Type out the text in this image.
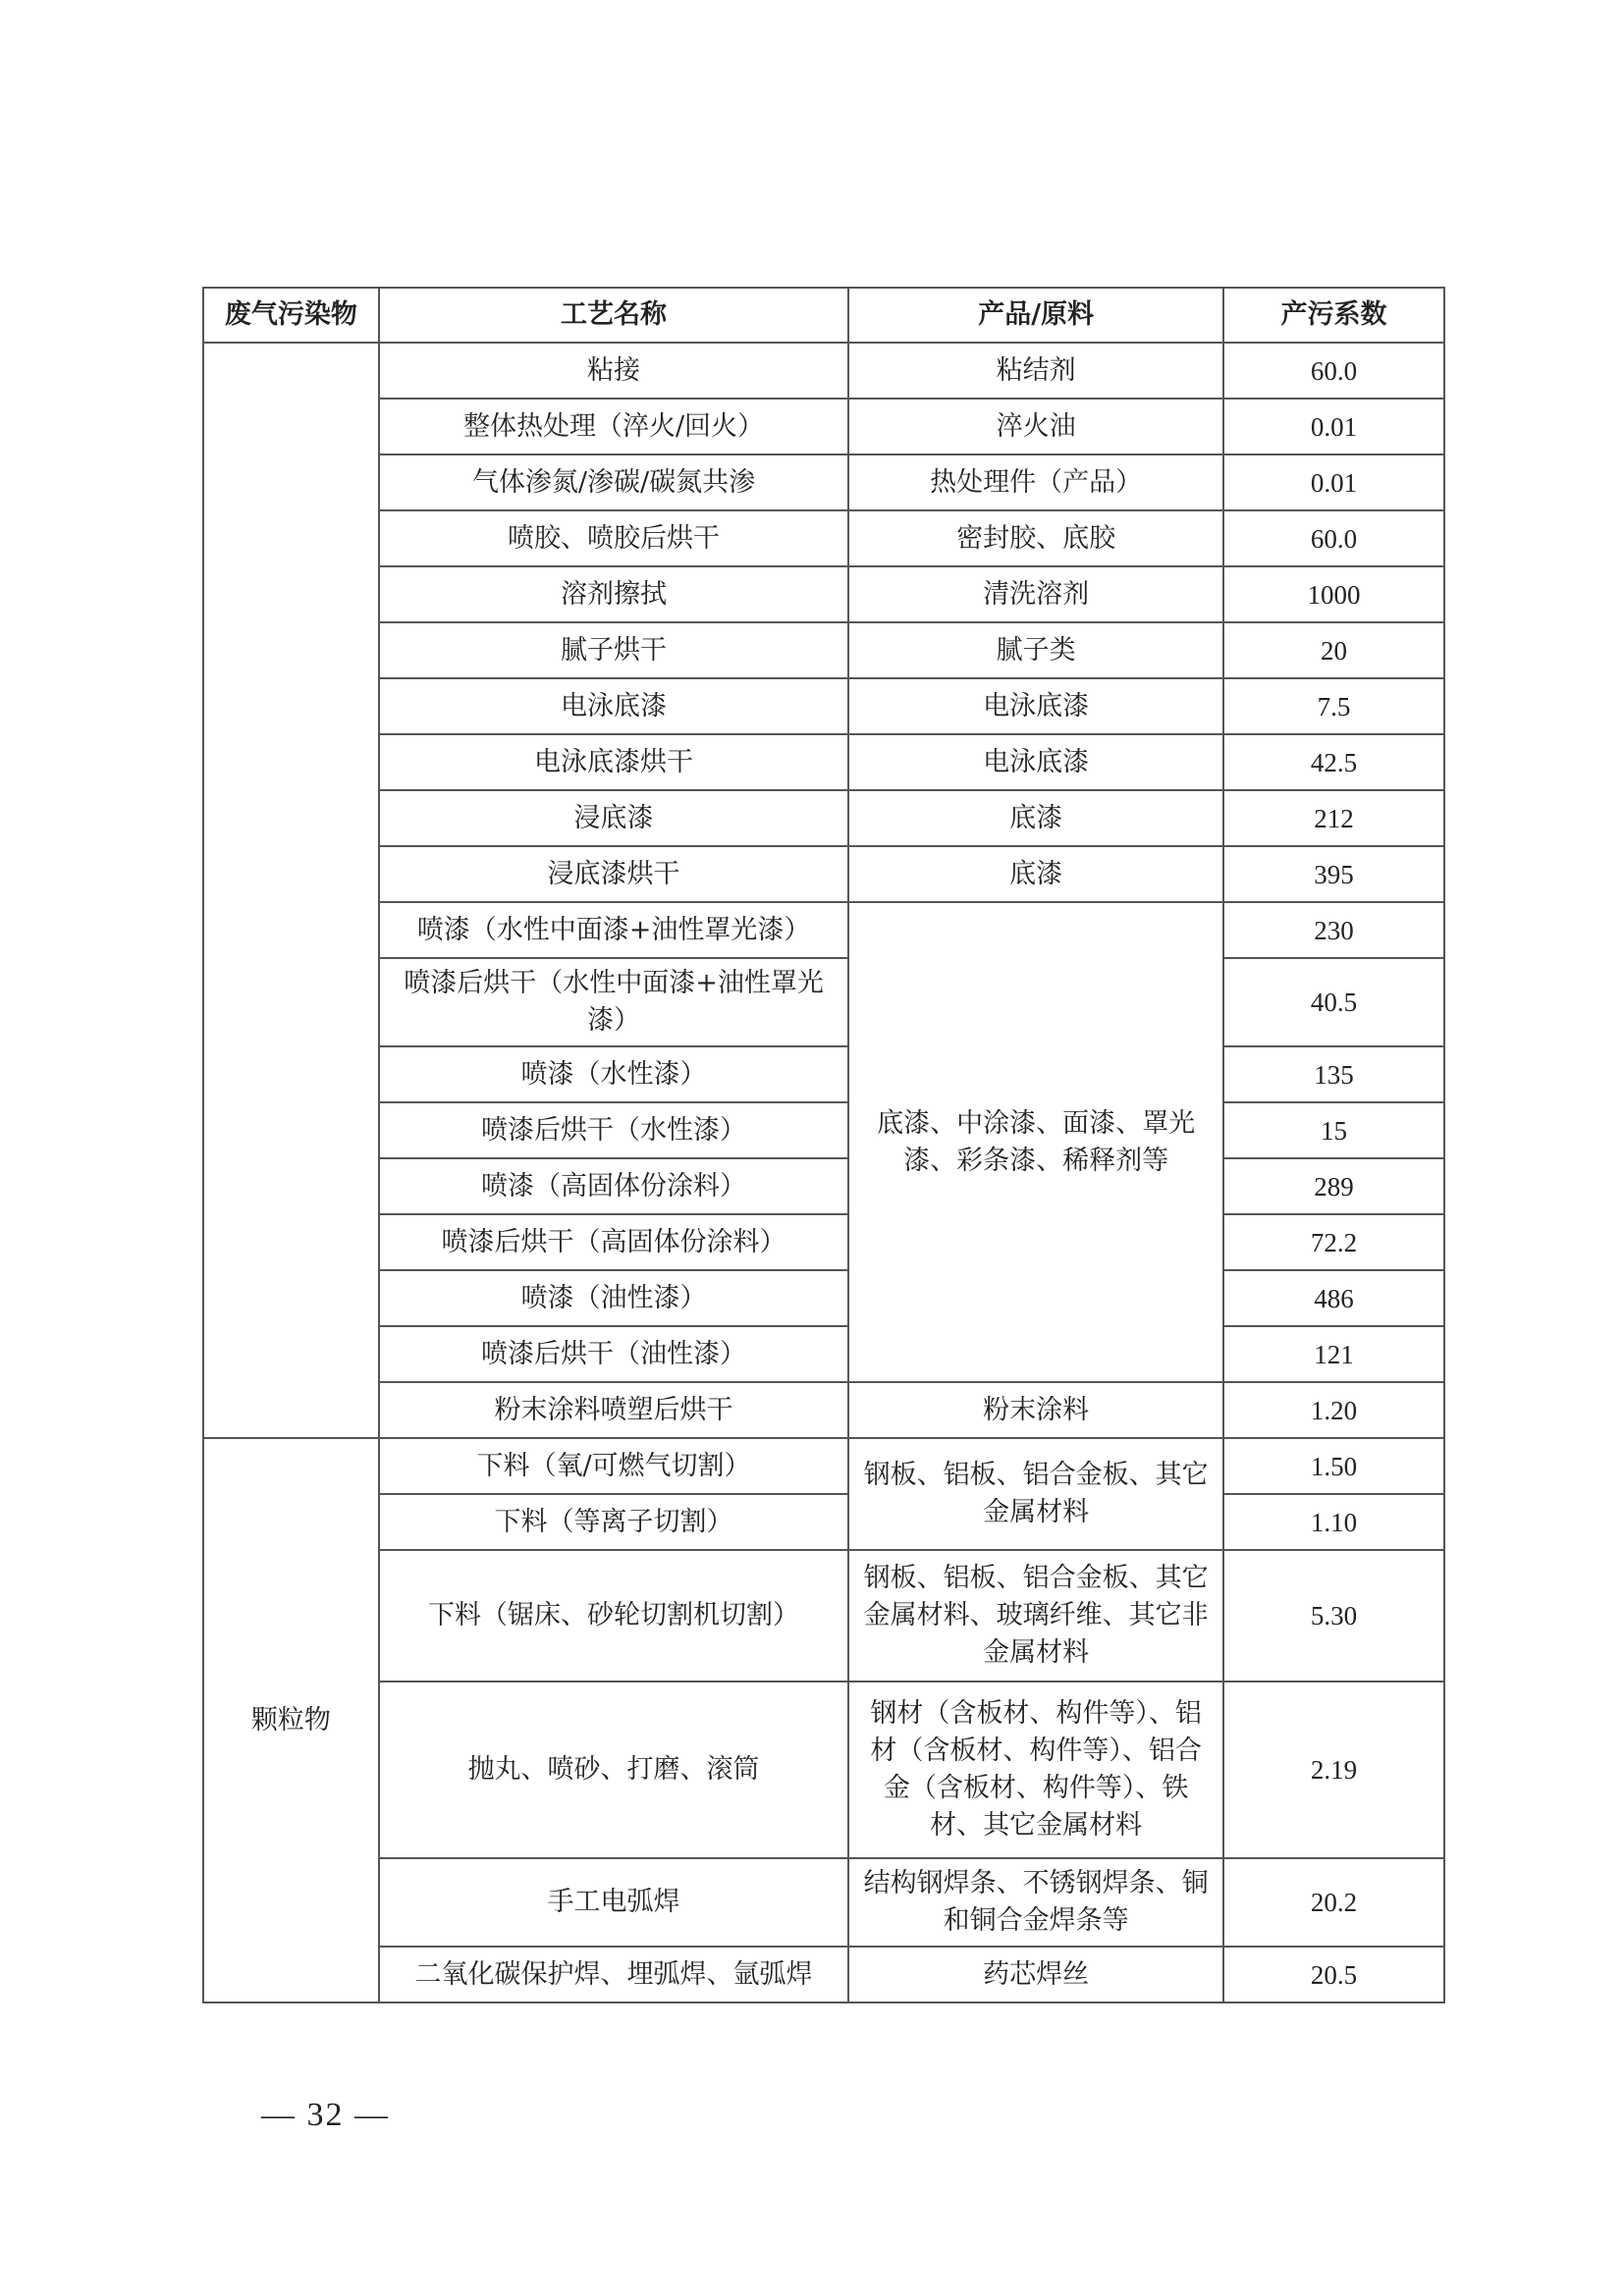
废气污染物	工艺名称	产品/原料	产污系数
	粘接	粘结剂	60.0
	整体热处理（淬火/回火）	淬火油	0.01
	气体渗氮/渗碳/碳氮共渗	热处理件（产品）	0.01
	喷胶、喷胶后烘干	密封胶、底胶	60.0
	溶剂擦拭	清洗溶剂	1000
	腻子烘干	腻子类	20
	电泳底漆	电泳底漆	7.5
	电泳底漆烘干	电泳底漆	42.5
	浸底漆	底漆	212
	浸底漆烘干	底漆	395
	喷漆（水性中面漆+油性罩光漆）	底漆、中涂漆、面漆、罩光漆、彩条漆、稀释剂等	230
	喷漆后烘干（水性中面漆+油性罩光漆）		40.5
	喷漆（水性漆）		135
	喷漆后烘干（水性漆）		15
	喷漆（高固体份涂料）		289
	喷漆后烘干（高固体份涂料）		72.2
	喷漆（油性漆）		486
	喷漆后烘干（油性漆）		121
	粉末涂料喷塑后烘干	粉末涂料	1.20
颗粒物	下料（氧/可燃气切割）	钢板、铝板、铝合金板、其它金属材料	1.50
	下料（等离子切割）		1.10
	下料（锯床、砂轮切割机切割）	钢板、铝板、铝合金板、其它金属材料、玻璃纤维、其它非金属材料	5.30
	抛丸、喷砂、打磨、滚筒	钢材（含板材、构件等）、铝材（含板材、构件等）、铝合金（含板材、构件等）、铁材、其它金属材料	2.19
	手工电弧焊	结构钢焊条、不锈钢焊条、铜和铜合金焊条等	20.2
	二氧化碳保护焊、埋弧焊、氩弧焊	药芯焊丝	20.5
— 32 —
